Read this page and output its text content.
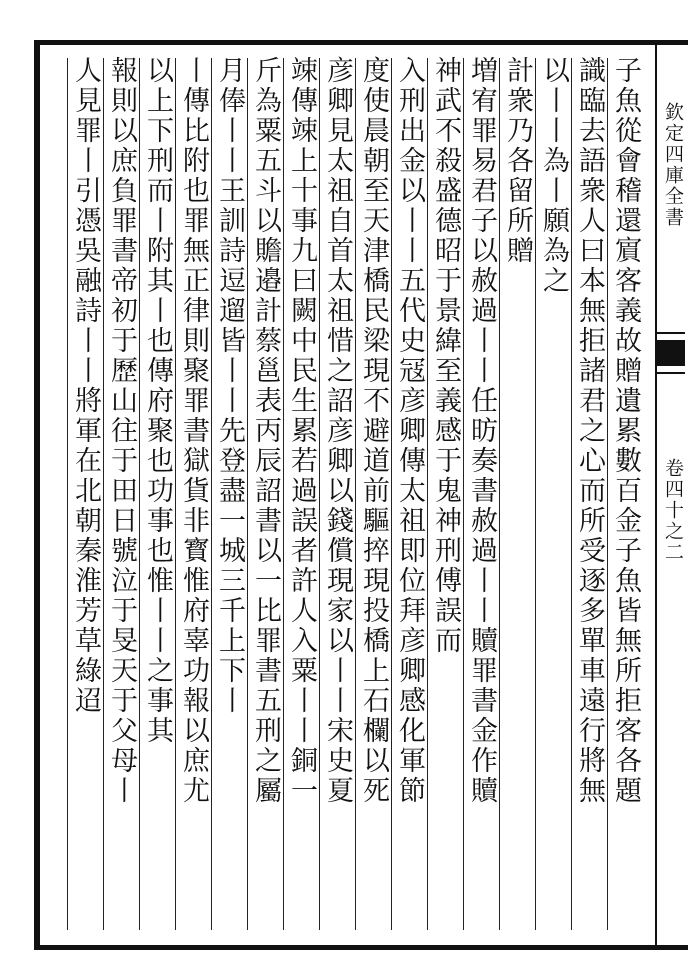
欽定四庫全書
卷四十之二
子魚從會稽還賔客義故贈遺累數百金子魚皆無所拒客各題
識臨去語衆人曰本無拒諸君之心而所受逐多單車遠行將無
以丨丨為丨願為之
計衆乃各留所贈
増宥罪易君子以赦過丨丨任昉奏書赦過丨丨贖罪書金作贖
神武不殺盛德昭于景緯至義感于鬼神刑傅誤而
入刑出金以丨丨五代史冦彦卿傳太祖即位拜彦卿感化軍節
度使晨朝至天津橋民梁現不避道前驅捽現投橋上石欄以死
彦卿見太祖自首太祖惜之詔彦卿以錢償現家以丨丨宋史夏
竦傳竦上十事九曰闕中民生累若過誤者許人入粟丨丨銅一
斤為粟五斗以贍邉計蔡邕表丙辰詔書以一比罪書五刑之屬
月俸丨丨王訓詩逗遛皆丨丨先登盡一城三千上下丨
丨傳比附也罪無正律則聚罪書獄貨非寳惟府辜功報以庶尤
以上下刑而丨附其丨也傳府聚也功事也惟丨丨之事其
報則以庶負罪書帝初于歷山往于田日號泣于旻天于父母丨
人見罪丨引憑吳融詩丨丨將軍在北朝秦淮芳草綠迢
